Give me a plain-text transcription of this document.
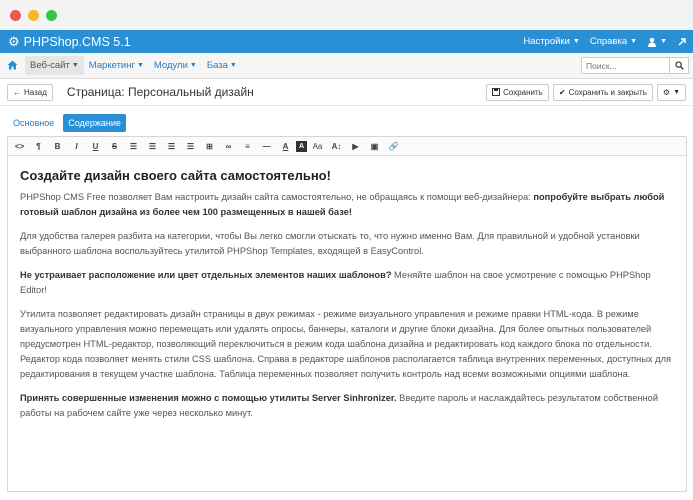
⚙ PHPShop.CMS 5.1	Настройки ▼ Справка ▼	▼
Веб-сайт ▼ Маркетинг ▼ Модули ▼ База ▼
Поиск...
← Назад Страница: Персональный дизайн	Сохранить ✔ Сохранить и закрыть ⚙ ▼
Основное	Содержание
<>	¶	B	I	U	S	☰	☰	☰	☰	⊞	∞	≡	—	A	A	Aa	A↕	▶	▣	🔗
Создайте дизайн своего сайта самостоятельно!

PHPShop CMS Free позволяет Вам настроить дизайн сайта самостоятельно, не обращаясь к помощи веб-дизайнера: попробуйте выбрать любой готовый шаблон дизайна из более чем 100 размещенных в нашей базе!

Для удобства галерея разбита на категории, чтобы Вы легко смогли отыскать то, что нужно именно Вам. Для правильной и удобной установки выбранного шаблона воспользуйтесь утилитой PHPShop Templates, входящей в EasyControl.

Не устраивает расположение или цвет отдельных элементов наших шаблонов? Меняйте шаблон на свое усмотрение с помощью PHPShop Editor!

Утилита позволяет редактировать дизайн страницы в двух режимах - режиме визуального управления и режиме правки HTML-кода. В режиме визуального управления можно перемещать или удалять опросы, баннеры, каталоги и другие блоки дизайна. Для более опытных пользователей предусмотрен HTML-редактор, позволяющий переключиться в режим кода шаблона дизайна и редактировать код каждого блока по отдельности. Редактор кода позволяет менять стили CSS шаблона. Справа в редакторе шаблонов располагается таблица внутренних переменных, доступных для редактирования в текущем участке шаблона. Таблица переменных позволяет получить контроль над всеми возможными опциями шаблона.

Принять совершенные изменения можно с помощью утилиты Server Sinhronizer. Введите пароль и наслаждайтесь результатом собственной работы на рабочем сайте уже через несколько минут.
